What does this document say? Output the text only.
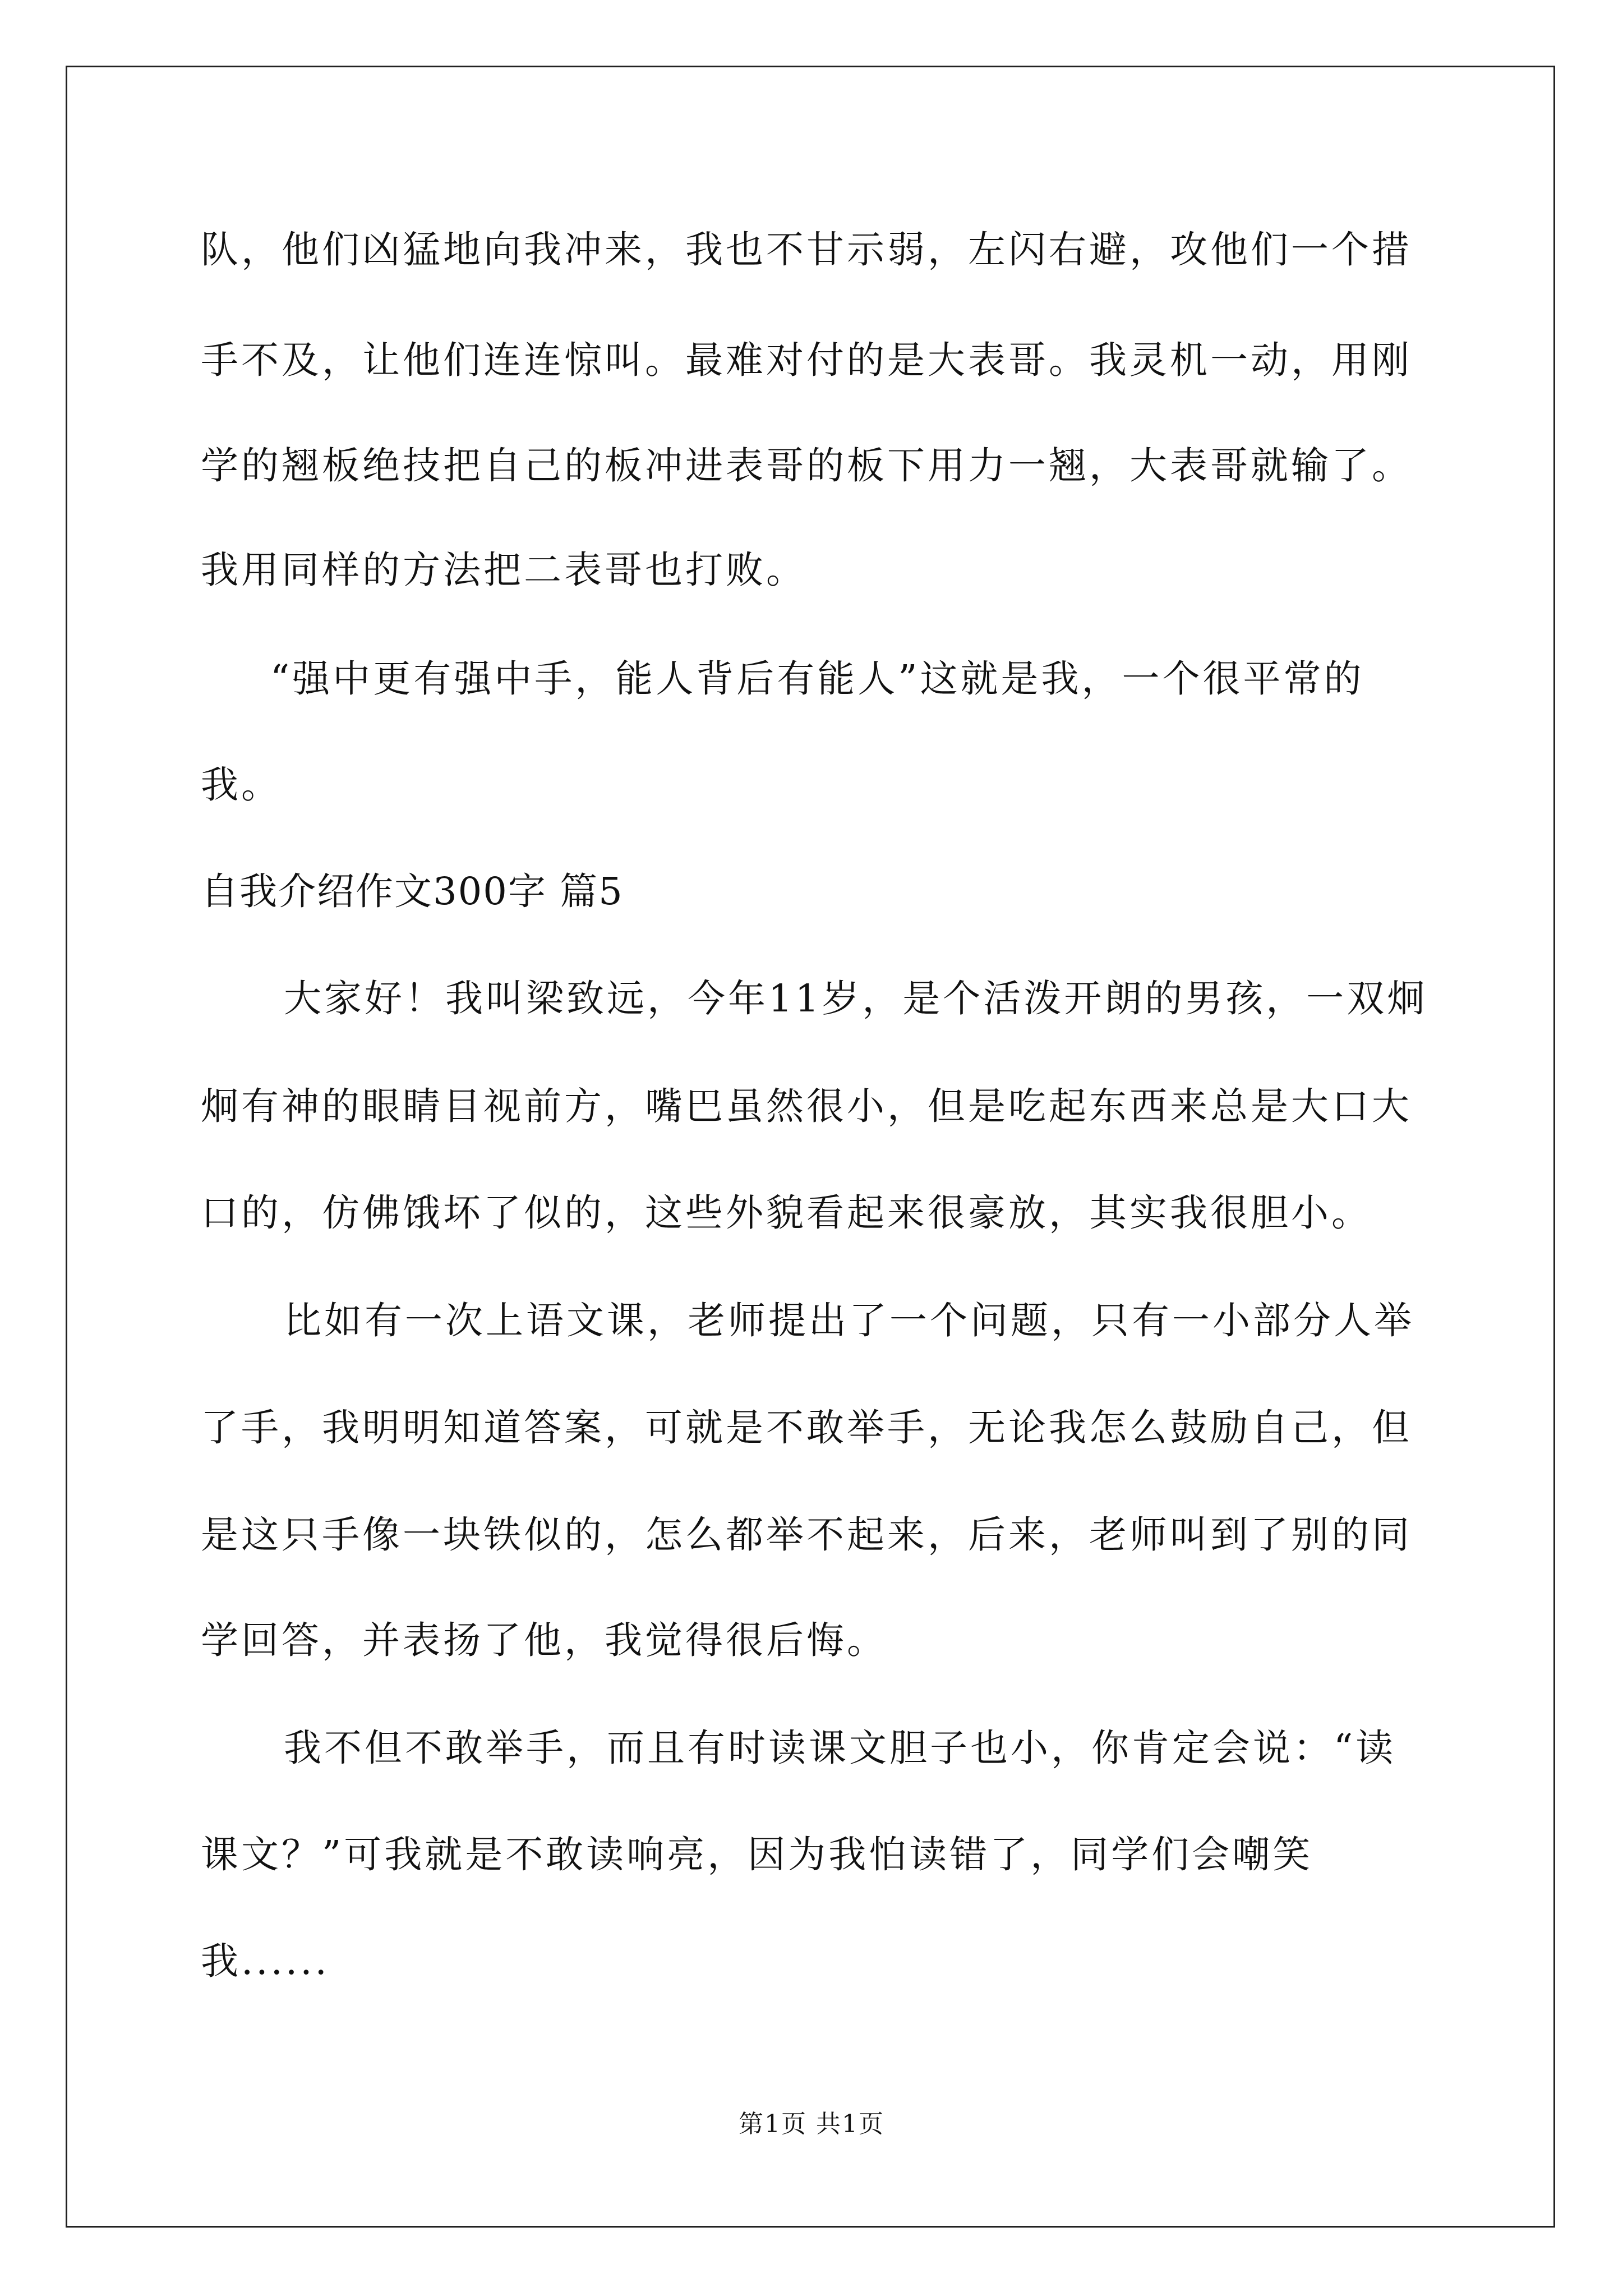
队，他们凶猛地向我冲来，我也不甘示弱，左闪右避，攻他们一个措

手不及，让他们连连惊叫。最难对付的是大表哥。我灵机一动，用刚

学的翘板绝技把自己的板冲进表哥的板下用力一翘，大表哥就输了。

我用同样的方法把二表哥也打败。

“强中更有强中手，能人背后有能人”这就是我，一个很平常的

我。

自我介绍作文300字 篇5

大家好！我叫梁致远，今年11岁，是个活泼开朗的男孩，一双炯

炯有神的眼睛目视前方，嘴巴虽然很小，但是吃起东西来总是大口大

口的，仿佛饿坏了似的，这些外貌看起来很豪放，其实我很胆小。

比如有一次上语文课，老师提出了一个问题，只有一小部分人举

了手，我明明知道答案，可就是不敢举手，无论我怎么鼓励自己，但

是这只手像一块铁似的，怎么都举不起来，后来，老师叫到了别的同

学回答，并表扬了他，我觉得很后悔。

我不但不敢举手，而且有时读课文胆子也小，你肯定会说：“读

课文？”可我就是不敢读响亮，因为我怕读错了，同学们会嘲笑

我......

第1页 共1页
